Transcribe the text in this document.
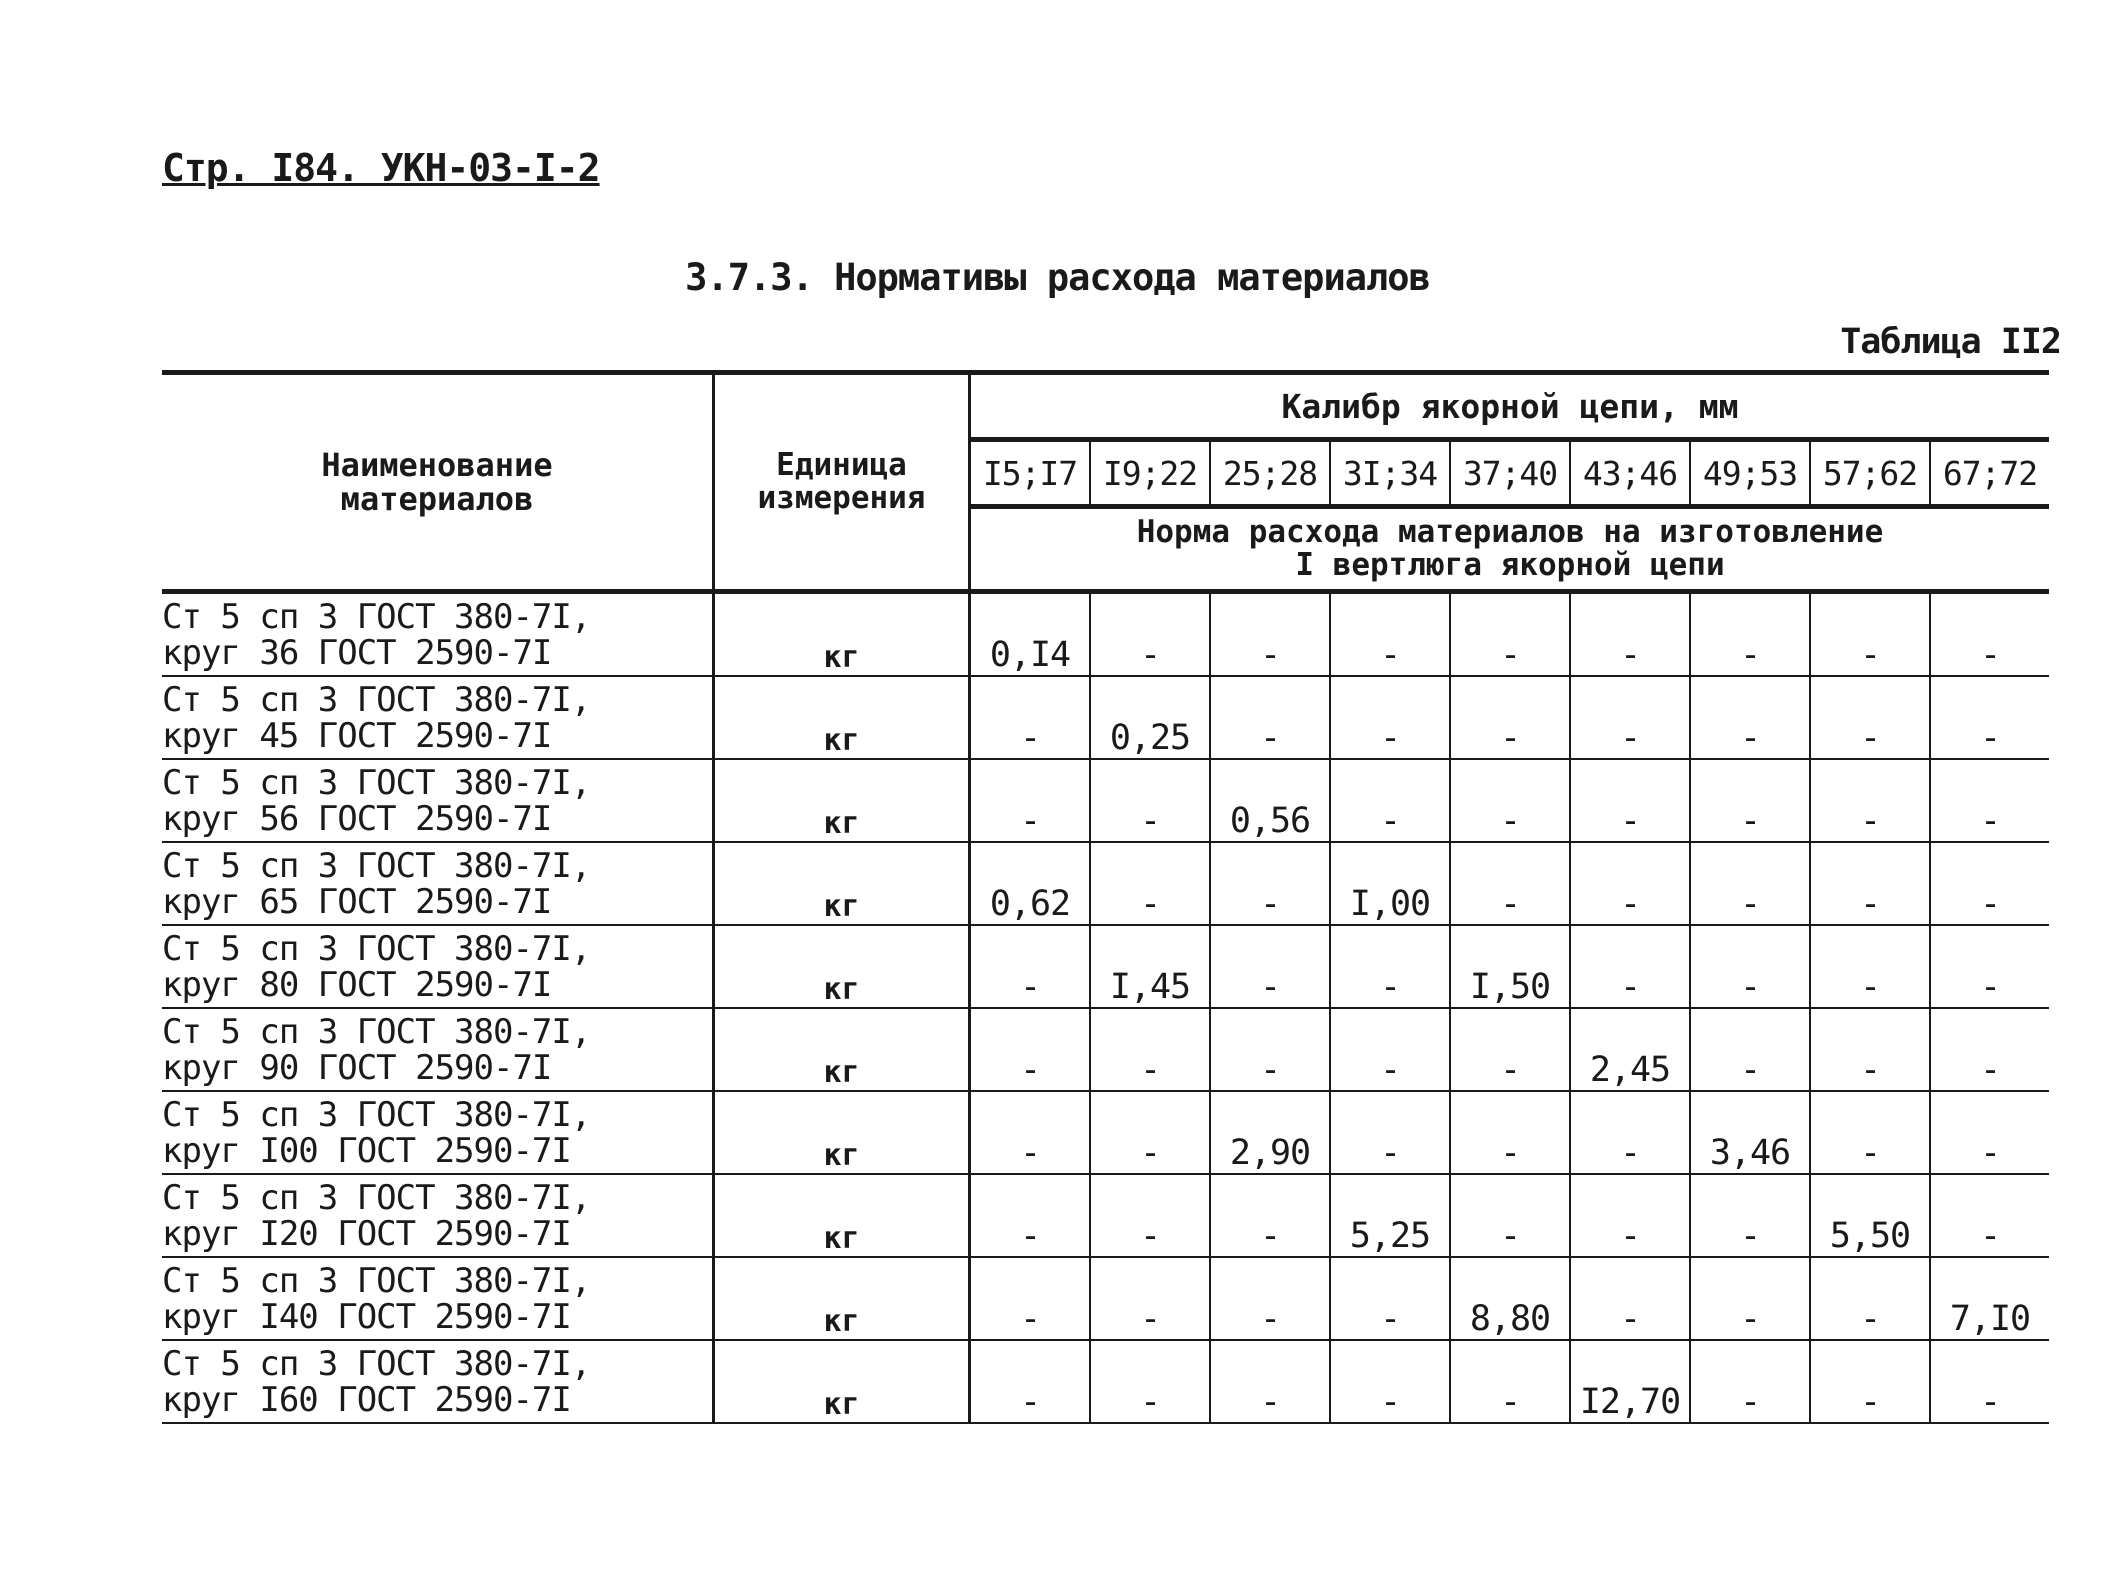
Стр. I84. УКН-03-I-2
3.7.3. Нормативы расхода материалов
Таблица II2
Наименование
материалов	Единица
измерения	Калибр якорной цепи, мм								
		I5;I7	I9;22	25;28	3I;34	37;40	43;46	49;53	57;62	67;72

		Норма расхода материалов на изготовление
I вертлюга якорной цепи								

Ст 5 сп 3 ГОСТ 380-7I,
круг 36 ГОСТ 2590-7I	кг	0,I4	-	-	-	-	-	-	-	-

Ст 5 сп 3 ГОСТ 380-7I,
круг 45 ГОСТ 2590-7I	кг	-	0,25	-	-	-	-	-	-	-

Ст 5 сп 3 ГОСТ 380-7I,
круг 56 ГОСТ 2590-7I	кг	-	-	0,56	-	-	-	-	-	-

Ст 5 сп 3 ГОСТ 380-7I,
круг 65 ГОСТ 2590-7I	кг	0,62	-	-	I,00	-	-	-	-	-

Ст 5 сп 3 ГОСТ 380-7I,
круг 80 ГОСТ 2590-7I	кг	-	I,45	-	-	I,50	-	-	-	-

Ст 5 сп 3 ГОСТ 380-7I,
круг 90 ГОСТ 2590-7I	кг	-	-	-	-	-	2,45	-	-	-

Ст 5 сп 3 ГОСТ 380-7I,
круг I00 ГОСТ 2590-7I	кг	-	-	2,90	-	-	-	3,46	-	-

Ст 5 сп 3 ГОСТ 380-7I,
круг I20 ГОСТ 2590-7I	кг	-	-	-	5,25	-	-	-	5,50	-

Ст 5 сп 3 ГОСТ 380-7I,
круг I40 ГОСТ 2590-7I	кг	-	-	-	-	8,80	-	-	-	7,I0

Ст 5 сп 3 ГОСТ 380-7I,
круг I60 ГОСТ 2590-7I	кг	-	-	-	-	-	I2,70	-	-	-
